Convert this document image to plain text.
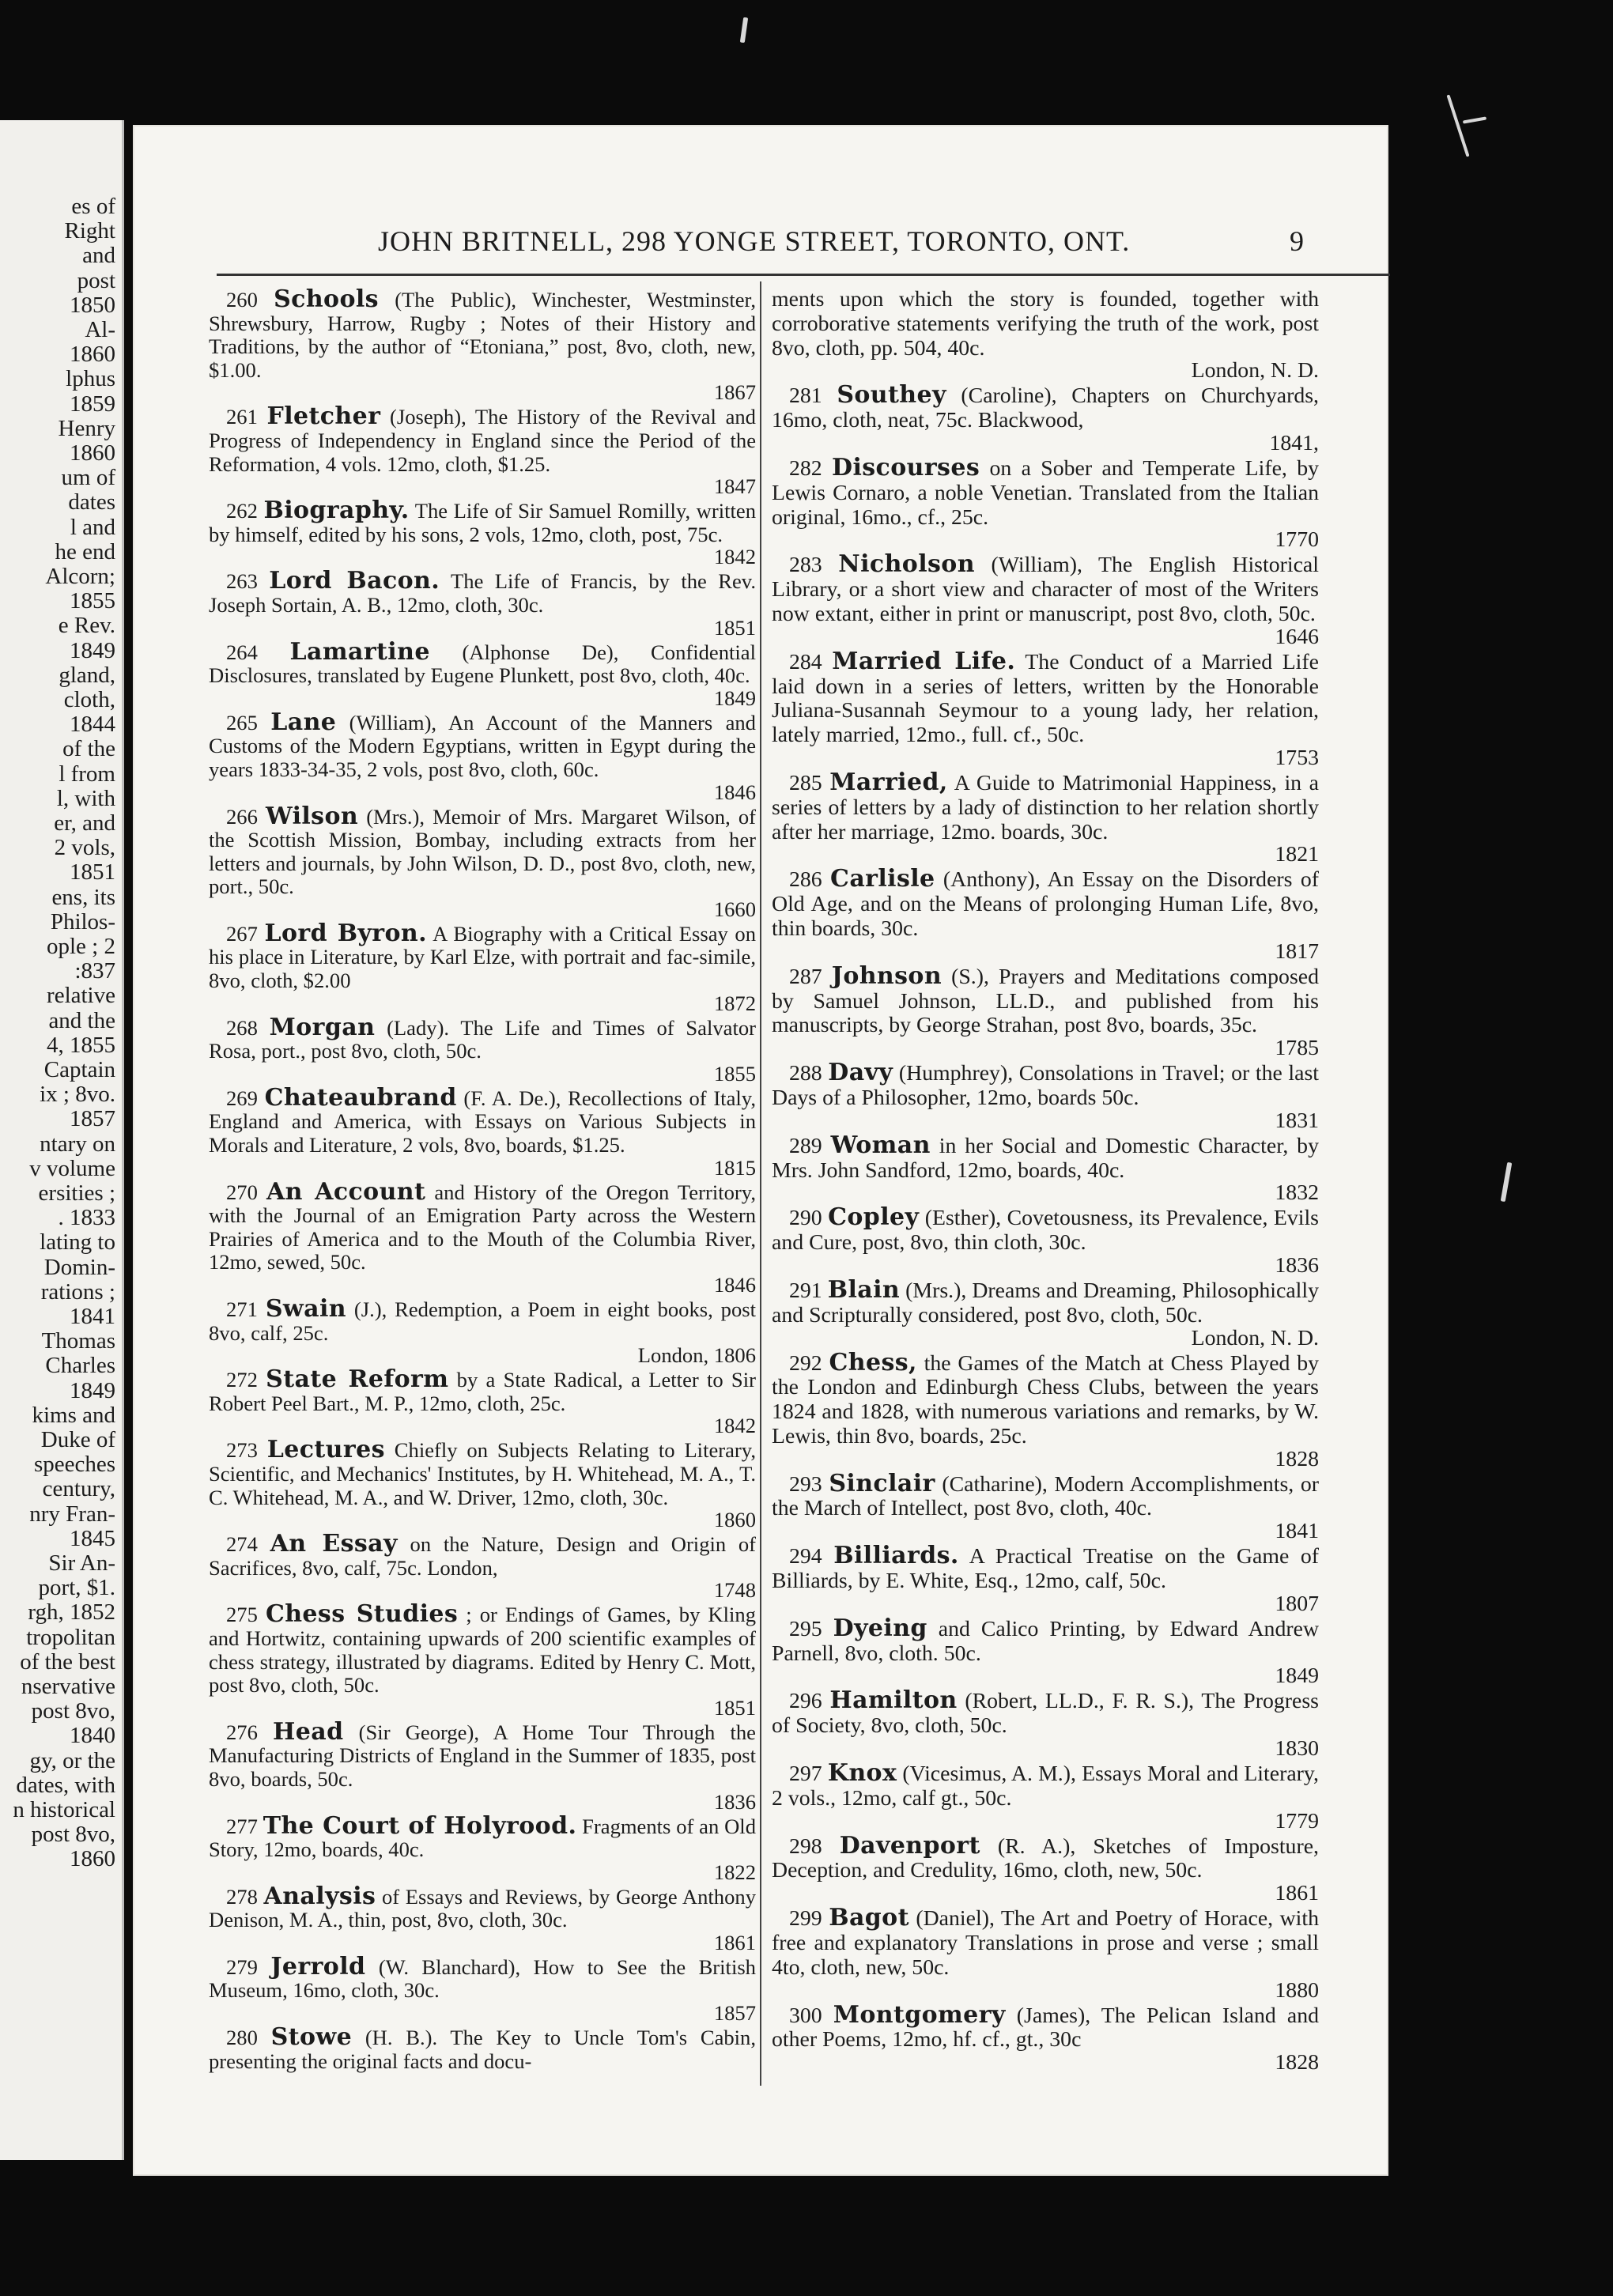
es of
Right
and
post
1850
Al-
1860
lphus
1859
Henry
1860
um of
dates
l and
he end
Alcorn;
1855
e Rev.
1849
gland,
cloth,
1844
of the
l from
l, with
er, and
2 vols,
1851
ens, its
Philos-
ople ; 2
:837
relative
and the
4, 1855
Captain
ix ; 8vo.
1857
ntary on
v volume
ersities ;
. 1833
lating to
Domin-
rations ;
1841
Thomas
Charles
1849
kims and
Duke of
speeches
century,
nry Fran-
1845
Sir An-
port, $1.
rgh, 1852
tropolitan
of the best
nservative
post 8vo,
1840
gy, or the
dates, with
n historical
post 8vo,
1860
JOHN BRITNELL, 298 YONGE STREET, TORONTO, ONT.	9
260 Schools (The Public), Winchester, Westminster, Shrewsbury, Harrow, Rugby ; Notes of their History and Traditions, by the author of “Etoniana,” post, 8vo, cloth, new, $1.00.
1867
261 Fletcher (Joseph), The History of the Revival and Progress of Independency in England since the Period of the Reformation, 4 vols. 12mo, cloth, $1.25.
1847
262 Biography. The Life of Sir Samuel Romilly, written by himself, edited by his sons, 2 vols, 12mo, cloth, post, 75c.
1842
263 Lord Bacon. The Life of Francis, by the Rev. Joseph Sortain, A. B., 12mo, cloth, 30c.
1851
264 Lamartine (Alphonse De), Confidential Disclosures, translated by Eugene Plunkett, post 8vo, cloth, 40c.
1849
265 Lane (William), An Account of the Manners and Customs of the Modern Egyptians, written in Egypt during the years 1833-34-35, 2 vols, post 8vo, cloth, 60c.
1846
266 Wilson (Mrs.), Memoir of Mrs. Margaret Wilson, of the Scottish Mission, Bombay, including extracts from her letters and journals, by John Wilson, D. D., post 8vo, cloth, new, port., 50c.
1660
267 Lord Byron. A Biography with a Critical Essay on his place in Literature, by Karl Elze, with portrait and fac-simile, 8vo, cloth, $2.00
1872
268 Morgan (Lady). The Life and Times of Salvator Rosa, port., post 8vo, cloth, 50c.
1855
269 Chateaubrand (F. A. De.), Recollections of Italy, England and America, with Essays on Various Subjects in Morals and Literature, 2 vols, 8vo, boards, $1.25.
1815
270 An Account and History of the Oregon Territory, with the Journal of an Emigration Party across the Western Prairies of America and to the Mouth of the Columbia River, 12mo, sewed, 50c.
1846
271 Swain (J.), Redemption, a Poem in eight books, post 8vo, calf, 25c.
London, 1806
272 State Reform by a State Radical, a Letter to Sir Robert Peel Bart., M. P., 12mo, cloth, 25c.
1842
273 Lectures Chiefly on Subjects Relating to Literary, Scientific, and Mechanics' Institutes, by H. Whitehead, M. A., T. C. Whitehead, M. A., and W. Driver, 12mo, cloth, 30c.
1860
274 An Essay on the Nature, Design and Origin of Sacrifices, 8vo, calf, 75c. London,
1748
275 Chess Studies ; or Endings of Games, by Kling and Hortwitz, containing upwards of 200 scientific examples of chess strategy, illustrated by diagrams. Edited by Henry C. Mott, post 8vo, cloth, 50c.
1851
276 Head (Sir George), A Home Tour Through the Manufacturing Districts of England in the Summer of 1835, post 8vo, boards, 50c.
1836
277 The Court of Holyrood. Fragments of an Old Story, 12mo, boards, 40c.
1822
278 Analysis of Essays and Reviews, by George Anthony Denison, M. A., thin, post, 8vo, cloth, 30c.
1861
279 Jerrold (W. Blanchard), How to See the British Museum, 16mo, cloth, 30c.
1857
280 Stowe (H. B.). The Key to Uncle Tom's Cabin, presenting the original facts and docu-
ments upon which the story is founded, together with corroborative statements verifying the truth of the work, post 8vo, cloth, pp. 504, 40c.
London, N. D.
281 Southey (Caroline), Chapters on Churchyards, 16mo, cloth, neat, 75c. Blackwood,
1841,
282 Discourses on a Sober and Temperate Life, by Lewis Cornaro, a noble Venetian. Translated from the Italian original, 16mo., cf., 25c.
1770
283 Nicholson (William), The English Historical Library, or a short view and character of most of the Writers now extant, either in print or manuscript, post 8vo, cloth, 50c.
1646
284 Married Life. The Conduct of a Married Life laid down in a series of letters, written by the Honorable Juliana-Susannah Seymour to a young lady, her relation, lately married, 12mo., full. cf., 50c.
1753
285 Married, A Guide to Matrimonial Happiness, in a series of letters by a lady of distinction to her relation shortly after her marriage, 12mo. boards, 30c.
1821
286 Carlisle (Anthony), An Essay on the Disorders of Old Age, and on the Means of prolonging Human Life, 8vo, thin boards, 30c.
1817
287 Johnson (S.), Prayers and Meditations composed by Samuel Johnson, LL.D., and published from his manuscripts, by George Strahan, post 8vo, boards, 35c.
1785
288 Davy (Humphrey), Consolations in Travel; or the last Days of a Philosopher, 12mo, boards 50c.
1831
289 Woman in her Social and Domestic Character, by Mrs. John Sandford, 12mo, boards, 40c.
1832
290 Copley (Esther), Covetousness, its Prevalence, Evils and Cure, post, 8vo, thin cloth, 30c.
1836
291 Blain (Mrs.), Dreams and Dreaming, Philosophically and Scripturally considered, post 8vo, cloth, 50c.
London, N. D.
292 Chess, the Games of the Match at Chess Played by the London and Edinburgh Chess Clubs, between the years 1824 and 1828, with numerous variations and remarks, by W. Lewis, thin 8vo, boards, 25c.
1828
293 Sinclair (Catharine), Modern Accomplishments, or the March of Intellect, post 8vo, cloth, 40c.
1841
294 Billiards. A Practical Treatise on the Game of Billiards, by E. White, Esq., 12mo, calf, 50c.
1807
295 Dyeing and Calico Printing, by Edward Andrew Parnell, 8vo, cloth. 50c.
1849
296 Hamilton (Robert, LL.D., F. R. S.), The Progress of Society, 8vo, cloth, 50c.
1830
297 Knox (Vicesimus, A. M.), Essays Moral and Literary, 2 vols., 12mo, calf gt., 50c.
1779
298 Davenport (R. A.), Sketches of Imposture, Deception, and Credulity, 16mo, cloth, new, 50c.
1861
299 Bagot (Daniel), The Art and Poetry of Horace, with free and explanatory Translations in prose and verse ; small 4to, cloth, new, 50c.
1880
300 Montgomery (James), The Pelican Island and other Poems, 12mo, hf. cf., gt., 30c
1828
